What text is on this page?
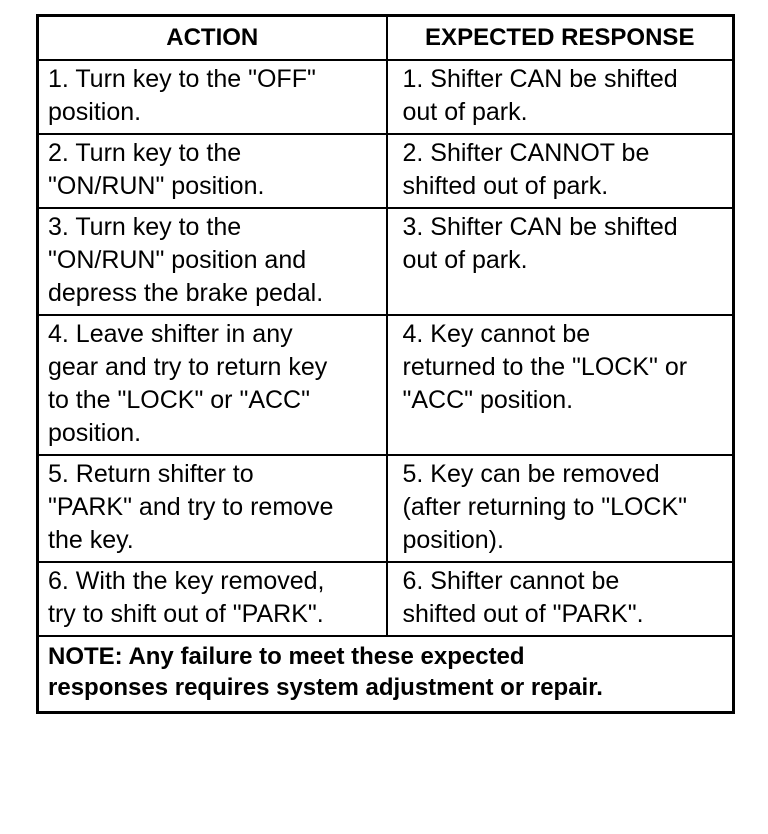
ACTION	EXPECTED RESPONSE
1. Turn key to the "OFF"
position.	1. Shifter CAN be shifted
out of park.
2. Turn key to the
"ON/RUN" position.	2. Shifter CANNOT be
shifted out of park.
3. Turn key to the
"ON/RUN" position and
depress the brake pedal.	3. Shifter CAN be shifted
out of park.
4. Leave shifter in any
gear and try to return key
to the "LOCK" or "ACC"
position.	4. Key cannot be
returned to the "LOCK" or
"ACC" position.
5. Return shifter to
"PARK" and try to remove
the key.	5. Key can be removed
(after returning to "LOCK"
position).
6. With the key removed,
try to shift out of "PARK".	6. Shifter cannot be
shifted out of "PARK".
NOTE: Any failure to meet these expected
responses requires system adjustment or repair.	
